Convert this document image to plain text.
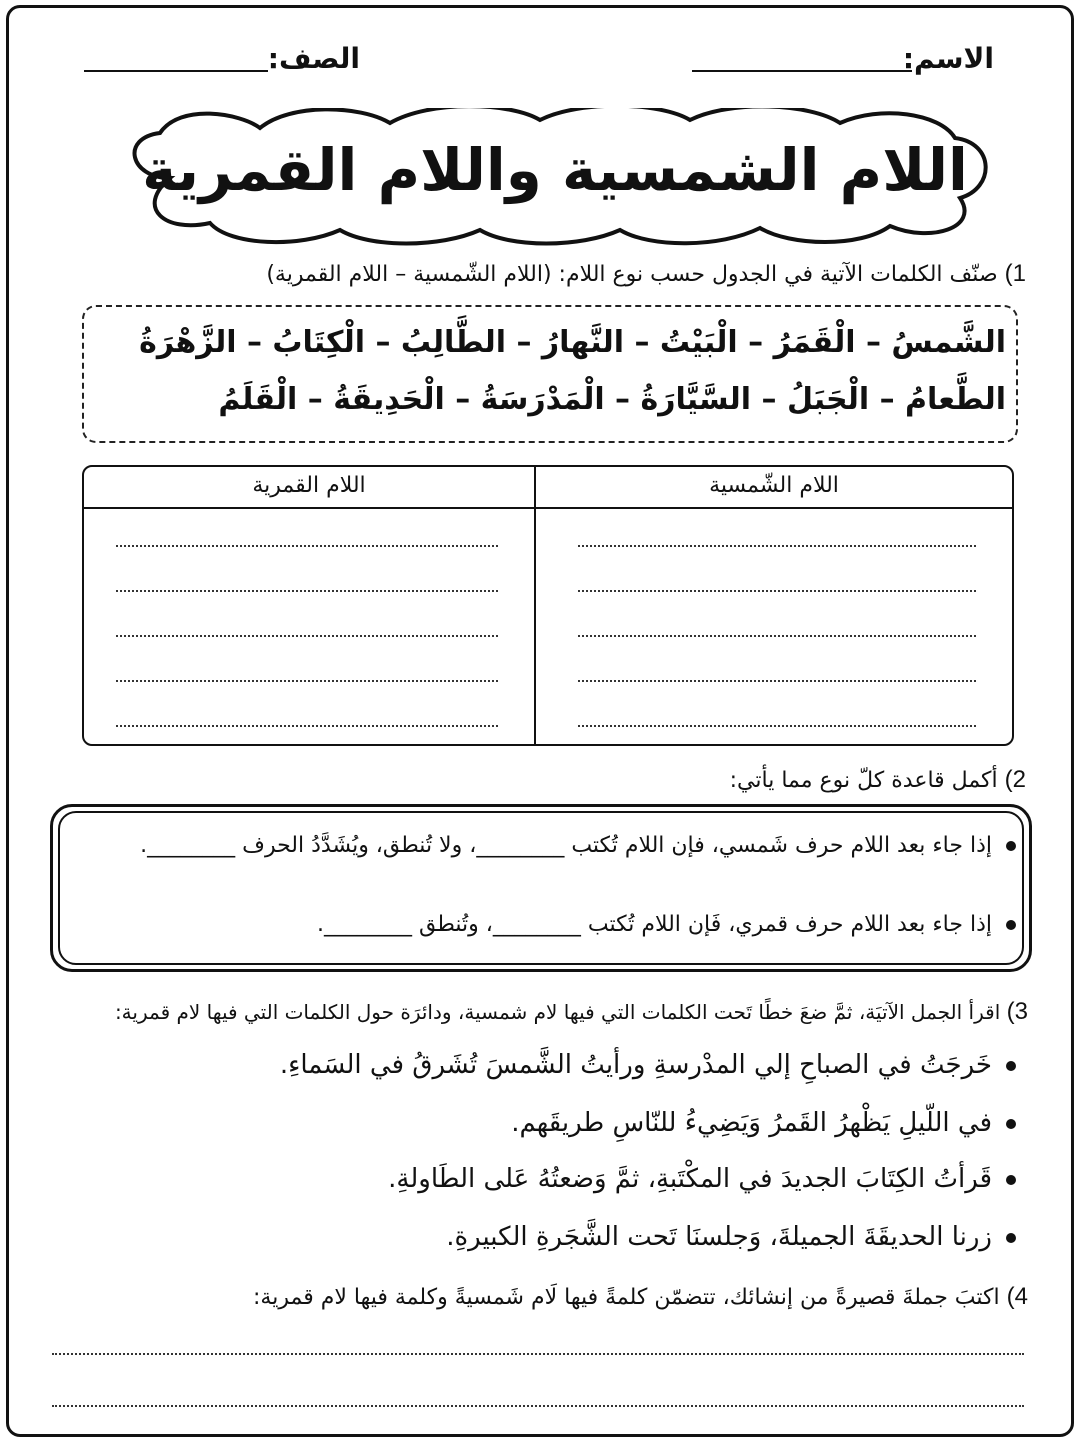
الاسم:
الصف:
اللام الشمسية واللام القمرية
1) صنّف الكلمات الآتية في الجدول حسب نوع اللام: (اللام الشّمسية – اللام القمرية)
الشَّمسُ – الْقَمَرُ – الْبَيْتُ – النَّهارُ – الطَّالِبُ – الْكِتَابُ – الزَّهْرَةُ
الطَّعامُ – الْجَبَلُ – السَّيَّارَةُ – الْمَدْرَسَةُ – الْحَدِيقَةُ – الْقَلَمُ
اللام الشّمسية
اللام القمرية
2) أكمل قاعدة كلّ نوع مما يأتي:
إذا جاء بعد اللام حرف شَمسي، فإن اللام تُكتب ________، ولا تُنطق، ويُشَدَّدُ الحرف ________.
إذا جاء بعد اللام حرف قمري، فَإن اللام تُكتب ________، وتُنطق ________.
3) اقرأ الجمل الآتيَة، ثمَّ ضعَ خطًا تَحت الكلمات التي فيها لام شمسية، ودائرَة حول الكلمات التي فيها لام قمرية:
خَرجَتُ في الصباحِ إلي المدْرسةِ ورأيتُ الشَّمسَ تُشَرقُ في السَماءِ.
في اللّيلِ يَظْهرُ القَمرُ وَيَضِيءُ للنّاسِ طريقَهم.
قَرأتُ الكِتَابَ الجديدَ في المكْتَبةِ، ثمَّ وَضعتُهُ عَلى الطَاولةِ.
زرنا الحديقَةَ الجميلةَ، وَجلسنَا تَحت الشَّجَرةِ الكبيرةِ.
4) اكتبَ جملةَ قصيرةً من إنشائك، تتضمّن كلمةً فيها لَام شَمسيةً وكلمة فيها لام قمرية:
